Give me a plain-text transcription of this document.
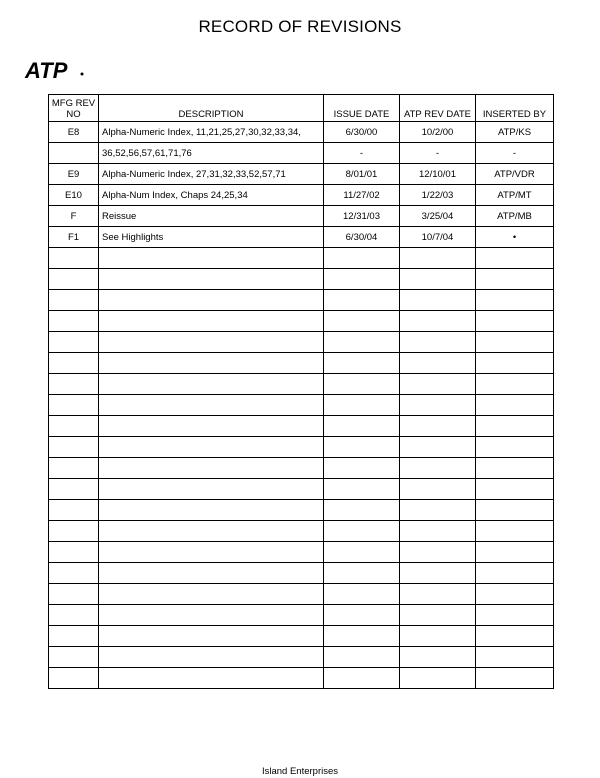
RECORD OF REVISIONS
ATP
MFG REV
NO	DESCRIPTION	ISSUE DATE	ATP REV DATE	INSERTED BY
E8	Alpha-Numeric Index, 11,21,25,27,30,32,33,34,	6/30/00	10/2/00	ATP/KS
	36,52,56,57,61,71,76	-	-	-
E9	Alpha-Numeric Index, 27,31,32,33,52,57,71	8/01/01	12/10/01	ATP/VDR
E10	Alpha-Num Index, Chaps 24,25,34	11/27/02	1/22/03	ATP/MT
F	Reissue	12/31/03	3/25/04	ATP/MB
F1	See Highlights	6/30/04	10/7/04	•

Island Enterprises
